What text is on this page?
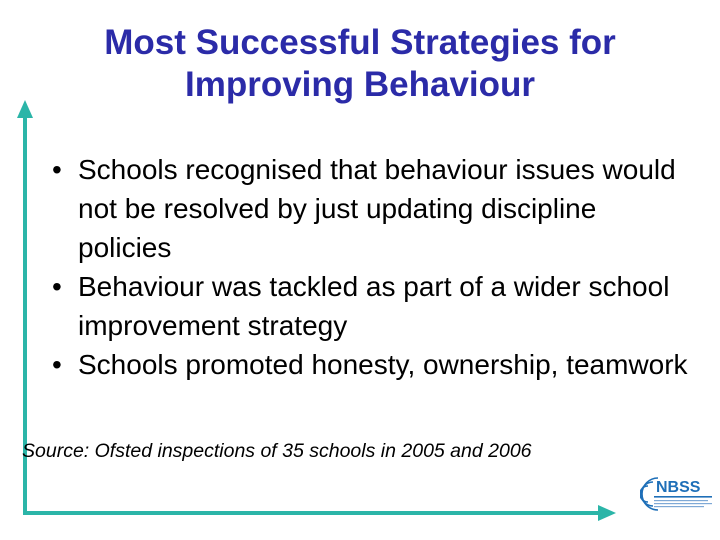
Most Successful Strategies for
Improving Behaviour
• Schools recognised that behaviour issues would not be resolved by just updating discipline policies
• Behaviour was tackled as part of a wider school improvement strategy
• Schools promoted honesty, ownership, teamwork
Source: Ofsted inspections of 35 schools in 2005 and 2006
NBSS
